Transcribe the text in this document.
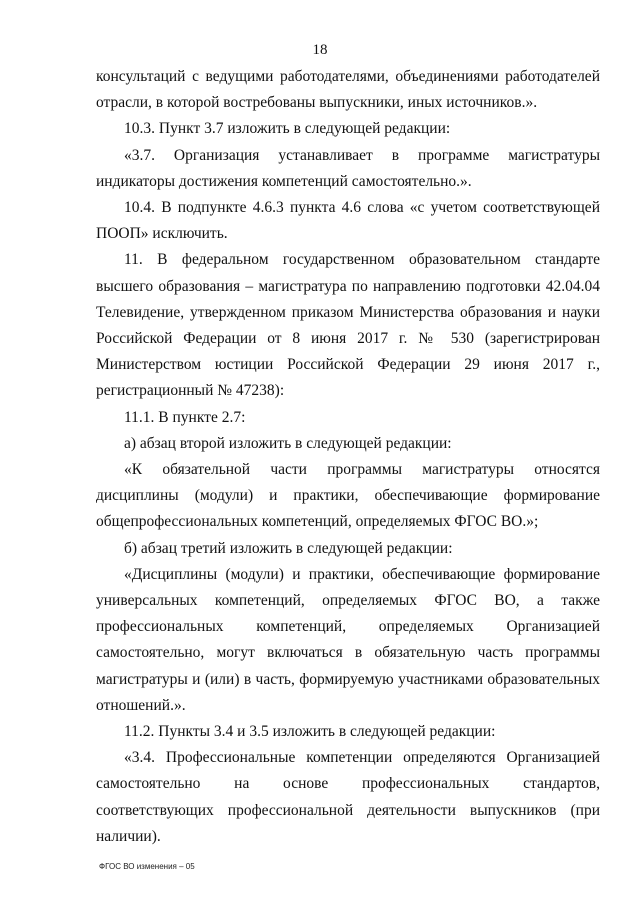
18

консультаций с ведущими работодателями, объединениями работодателей отрасли, в которой востребованы выпускники, иных источников.».

10.3. Пункт 3.7 изложить в следующей редакции:

«3.7. Организация устанавливает в программе магистратуры индикаторы достижения компетенций самостоятельно.».

10.4. В подпункте 4.6.3 пункта 4.6 слова «с учетом соответствующей ПООП» исключить.

11. В федеральном государственном образовательном стандарте высшего образования – магистратура по направлению подготовки 42.04.04 Телевидение, утвержденном приказом Министерства образования и науки Российской Федерации от 8 июня 2017 г. № 530 (зарегистрирован Министерством юстиции Российской Федерации 29 июня 2017 г., регистрационный № 47238):

11.1. В пункте 2.7:

а) абзац второй изложить в следующей редакции:

«К обязательной части программы магистратуры относятся дисциплины (модули) и практики, обеспечивающие формирование общепрофессиональных компетенций, определяемых ФГОС ВО.»;

б) абзац третий изложить в следующей редакции:

«Дисциплины (модули) и практики, обеспечивающие формирование универсальных компетенций, определяемых ФГОС ВО, а также профессиональных компетенций, определяемых Организацией самостоятельно, могут включаться в обязательную часть программы магистратуры и (или) в часть, формируемую участниками образовательных отношений.».

11.2. Пункты 3.4 и 3.5 изложить в следующей редакции:

«3.4. Профессиональные компетенции определяются Организацией самостоятельно на основе профессиональных стандартов, соответствующих профессиональной деятельности выпускников (при наличии).

ФГОС ВО изменения – 05
